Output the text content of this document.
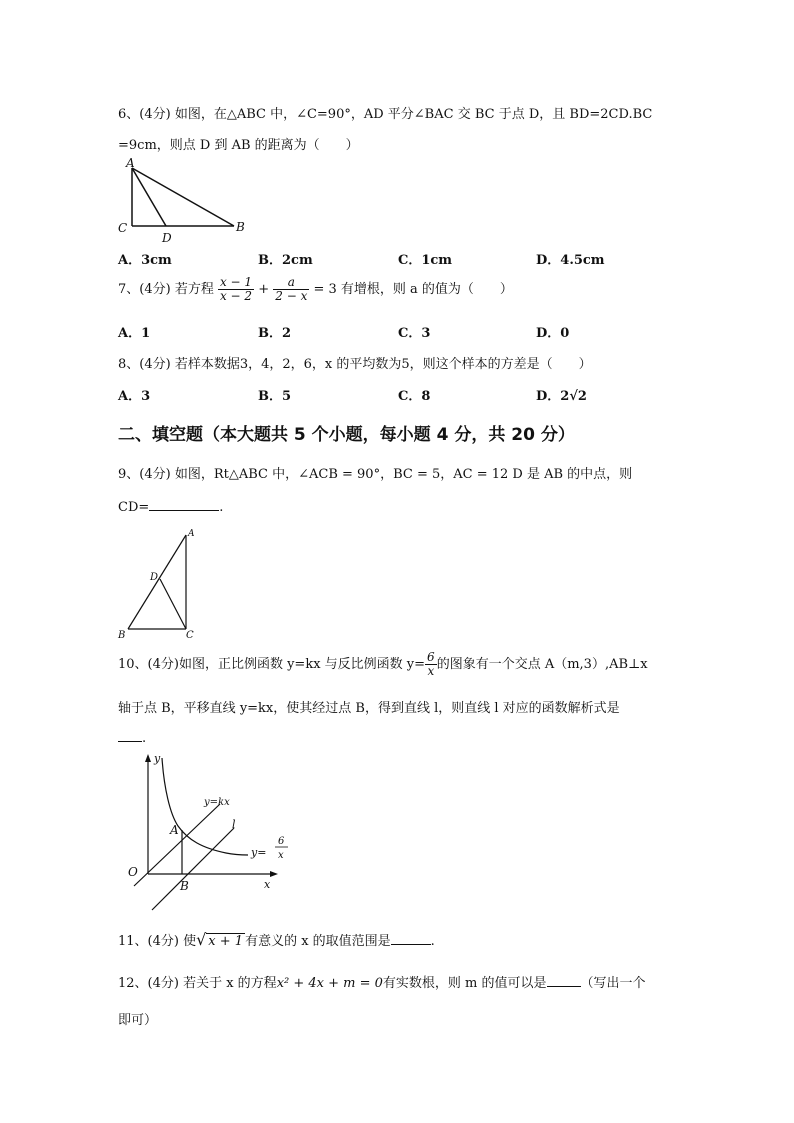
6、(4分) 如图，在△ABC 中，∠C=90°，AD 平分∠BAC 交 BC 于点 D，且 BD=2CD.BC
=9cm，则点 D 到 AB 的距离为（　　）
A
C
D
B
A．3cm	B．2cm	C．1cm	D．4.5cm
7、(4分) 若方程 $\frac{x - 1}{x - 2} + \frac{a}{2 - x} = 3$ 有增根，则 a 的值为（　　）
A．1	B．2	C．3	D．0
8、(4分) 若样本数据3，4，2，6，x 的平均数为5，则这个样本的方差是（　　）
A．3	B．5	C．8	D．2√2
二、填空题（本大题共 5 个小题，每小题 4 分，共 20 分）
9、(4分) 如图，Rt△ABC 中，∠ACB = 90°，BC = 5，AC = 12 D 是 AB 的中点，则
CD=	.
A
D
B	C
10、(4分)如图，正比例函数 y=kx 与反比例函数 $y= \frac{6}{x}$ 的图象有一个交点 A（m,3）,AB⊥x
轴于点 B，平移直线 y=kx，使其经过点 B，得到直线 l，则直线 l 对应的函数解析式是
.
y
x
O
A
B
l
y=kx
y=
6
x
11、(4分) 使√ x + 1 有意义的 x 的取值范围是	.
12、(4分) 若关于 x 的方程x² + 4x + m = 0有实数根，则 m 的值可以是	（写出一个
即可）
